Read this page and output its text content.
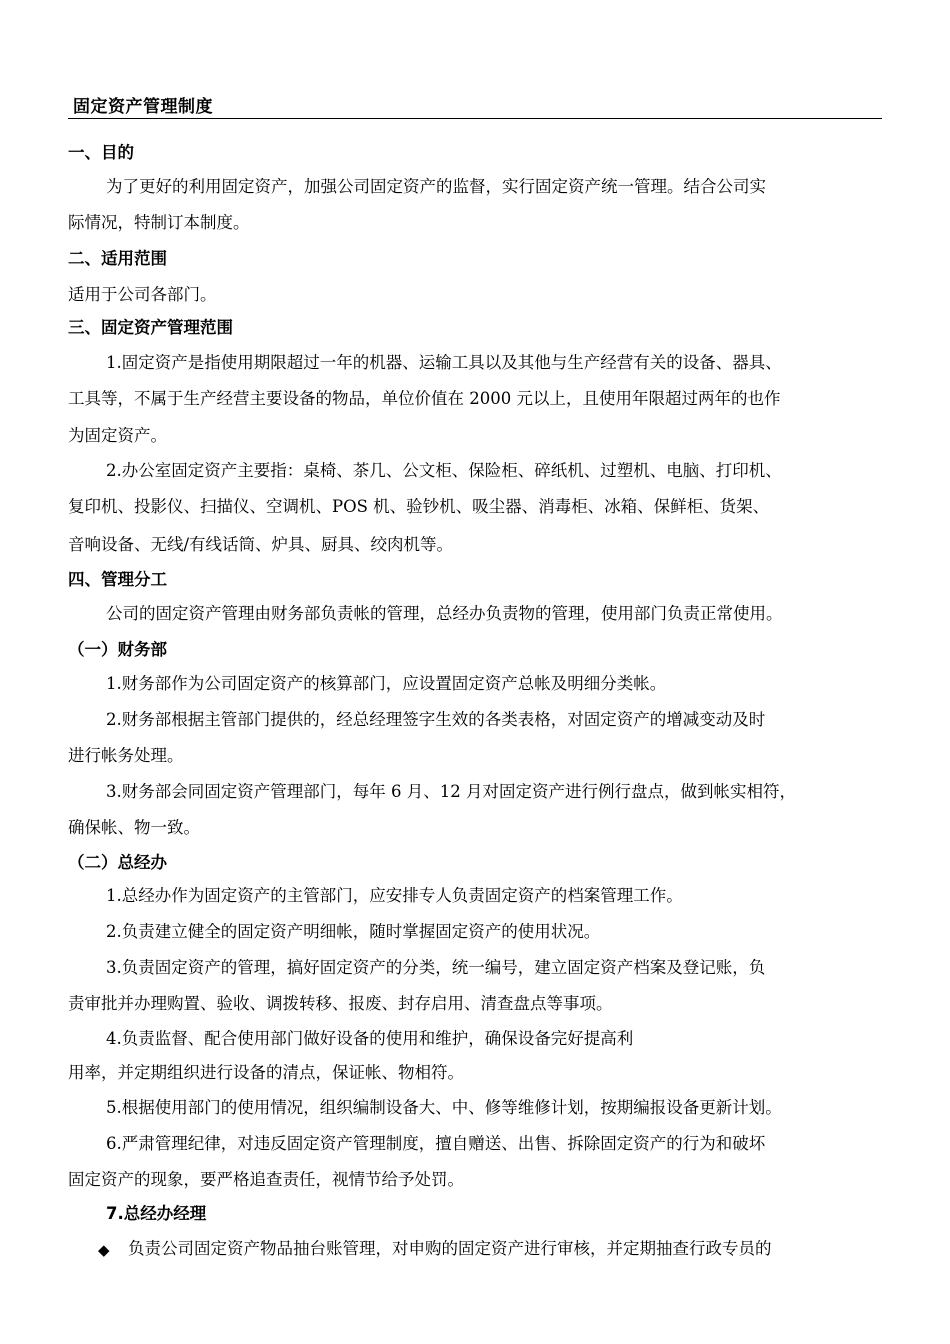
固定资产管理制度
一、目的
为了更好的利用固定资产，加强公司固定资产的监督，实行固定资产统一管理。结合公司实
际情况，特制订本制度。
二、适用范围
适用于公司各部门。
三、固定资产管理范围
1.固定资产是指使用期限超过一年的机器、运输工具以及其他与生产经营有关的设备、器具、
工具等，不属于生产经营主要设备的物品，单位价值在 2000 元以上，且使用年限超过两年的也作
为固定资产。
2.办公室固定资产主要指：桌椅、茶几、公文柜、保险柜、碎纸机、过塑机、电脑、打印机、
复印机、投影仪、扫描仪、空调机、POS 机、验钞机、吸尘器、消毒柜、冰箱、保鲜柜、货架、
音响设备、无线/有线话筒、炉具、厨具、绞肉机等。
四、管理分工
公司的固定资产管理由财务部负责帐的管理，总经办负责物的管理，使用部门负责正常使用。
（一）财务部
1.财务部作为公司固定资产的核算部门，应设置固定资产总帐及明细分类帐。
2.财务部根据主管部门提供的，经总经理签字生效的各类表格，对固定资产的增减变动及时
进行帐务处理。
3.财务部会同固定资产管理部门，每年 6 月、12 月对固定资产进行例行盘点，做到帐实相符，
确保帐、物一致。
（二）总经办
1.总经办作为固定资产的主管部门，应安排专人负责固定资产的档案管理工作。
2.负责建立健全的固定资产明细帐，随时掌握固定资产的使用状况。
3.负责固定资产的管理，搞好固定资产的分类，统一编号，建立固定资产档案及登记账，负
责审批并办理购置、验收、调拨转移、报废、封存启用、清查盘点等事项。
4.负责监督、配合使用部门做好设备的使用和维护，确保设备完好提高利
用率，并定期组织进行设备的清点，保证帐、物相符。
5.根据使用部门的使用情况，组织编制设备大、中、修等维修计划，按期编报设备更新计划。
6.严肃管理纪律，对违反固定资产管理制度，擅自赠送、出售、拆除固定资产的行为和破坏
固定资产的现象，要严格追查责任，视情节给予处罚。
7.总经办经理
◆ 负责公司固定资产物品抽台账管理，对申购的固定资产进行审核，并定期抽查行政专员的
